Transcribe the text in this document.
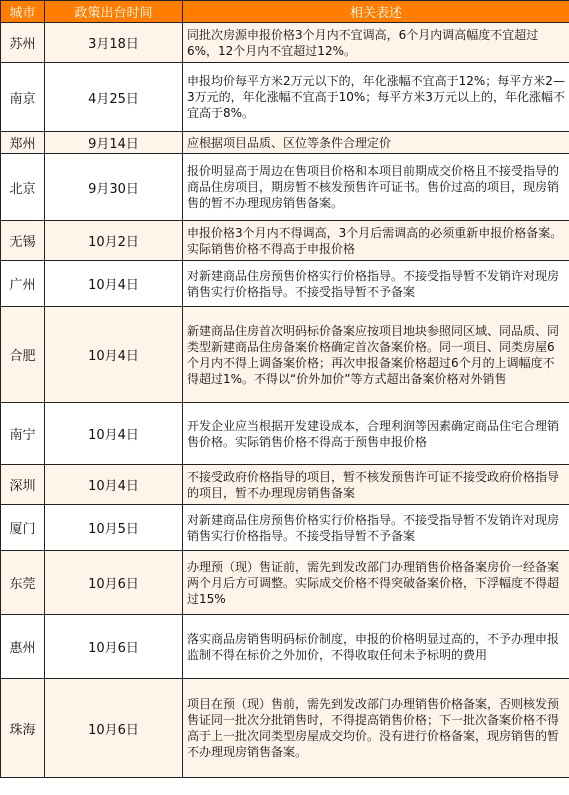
城市	政策出台时间	相关表述
苏州	3月18日	同批次房源申报价格3个月内不宜调高，6个月内调高幅度不宜超过6%，12个月内不宜超过12%。
南京	4月25日	申报均价每平方米2万元以下的，年化涨幅不宜高于12%；每平方米2—3万元的，年化涨幅不宜高于10%；每平方米3万元以上的，年化涨幅不宜高于8%。
郑州	9月14日	应根据项目品质、区位等条件合理定价
北京	9月30日	报价明显高于周边在售项目价格和本项目前期成交价格且不接受指导的商品住房项目，期房暂不核发预售许可证书。售价过高的项目，现房销售的暂不办理现房销售备案。
无锡	10月2日	申报价格3个月内不得调高，3个月后需调高的必须重新申报价格备案。实际销售价格不得高于申报价格
广州	10月4日	对新建商品住房预售价格实行价格指导。不接受指导暂不发销许对现房销售实行价格指导。不接受指导暂不予备案
合肥	10月4日	新建商品住房首次明码标价备案应按项目地块参照同区域、同品质、同类型新建商品住房备案价格确定首次备案价格。同一项目、同类房屋6个月内不得上调备案价格；再次申报备案价格超过6个月的上调幅度不得超过1%。不得以“价外加价”等方式超出备案价格对外销售
南宁	10月4日	开发企业应当根据开发建设成本，合理利润等因素确定商品住宅合理销售价格。实际销售价格不得高于预售申报价格
深圳	10月4日	不接受政府价格指导的项目，暂不核发预售许可证不接受政府价格指导的项目，暂不办理现房销售备案
厦门	10月5日	对新建商品住房预售价格实行价格指导。不接受指导暂不发销许对现房销售实行价格指导。不接受指导暂不予备案
东莞	10月6日	办理预（现）售证前，需先到发改部门办理销售价格备案房价一经备案两个月后方可调整。实际成交价格不得突破备案价格，下浮幅度不得超过15%
惠州	10月6日	落实商品房销售明码标价制度，申报的价格明显过高的，不予办理申报监制不得在标价之外加价，不得收取任何未予标明的费用
珠海	10月6日	项目在预（现）售前，需先到发改部门办理销售价格备案，否则核发预售证同一批次分批销售时，不得提高销售价格；下一批次备案价格不得高于上一批次同类型房屋成交均价。没有进行价格备案，现房销售的暂不办理现房销售备案。
